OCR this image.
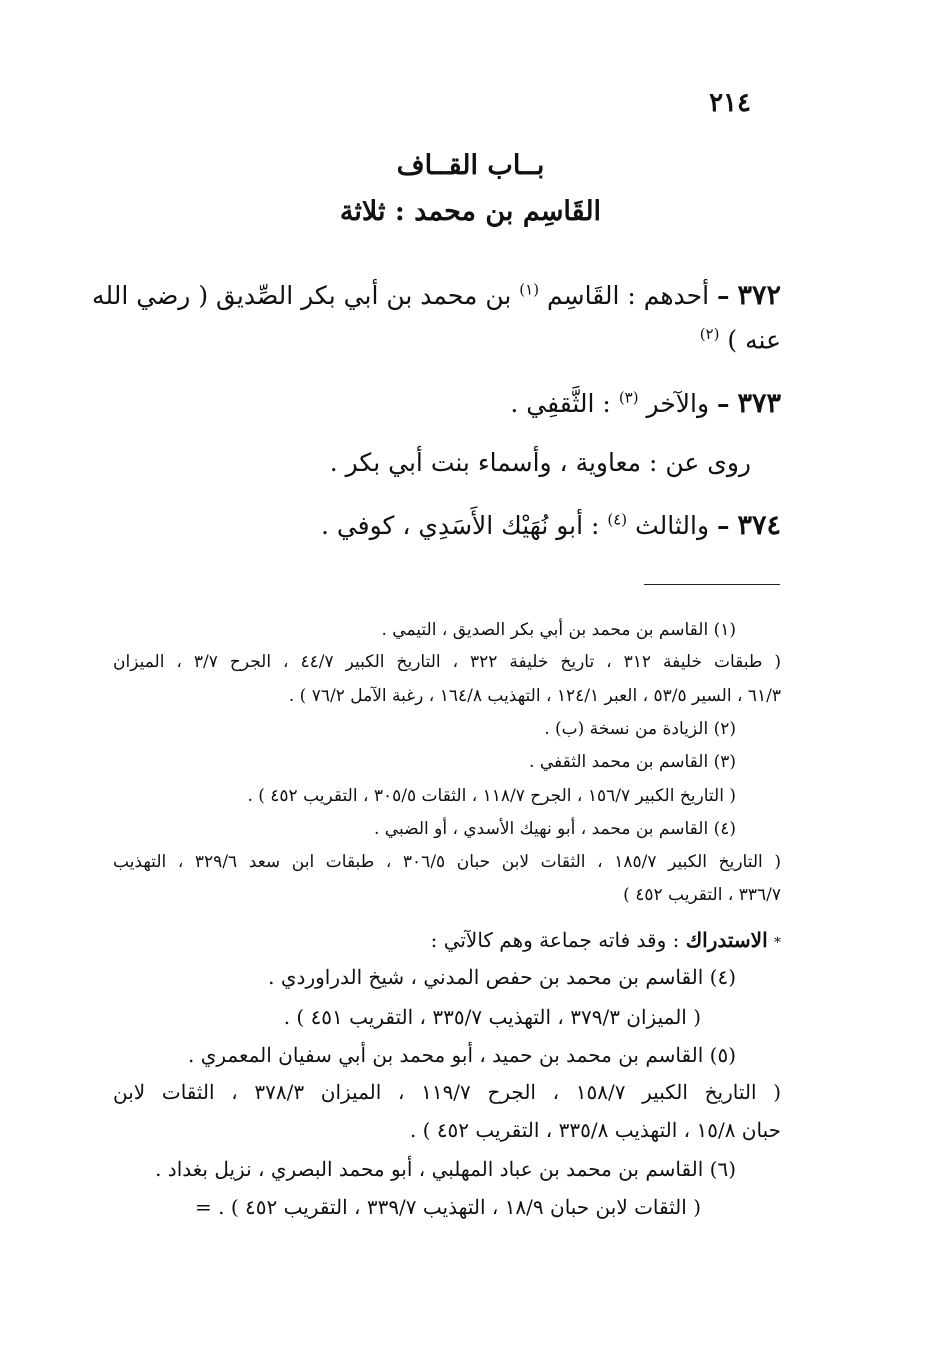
٢١٤
بــاب القــاف
القَاسِم بن محمد : ثلاثة
٣٧٢ – أحدهم : القَاسِم $^{(١)}$ بن محمد بن أبي بكر الصِّديق ( رضي الله
عنه ) $^{(٢)}$
٣٧٣ – والآخر $^{(٣)}$ : الثَّقفِي .
روى عن : معاوية ، وأسماء بنت أبي بكر .
٣٧٤ – والثالث $^{(٤)}$ : أبو نُهَيْك الأَسَدِي ، كوفي .
(١) القاسم بن محمد بن أبي بكر الصديق ، التيمي .
( طبقات خليفة ٣١٢ ، تاريخ خليفة ٣٢٢ ، التاريخ الكبير ٤٤/٧ ، الجرح ٣/٧ ، الميزان
٦١/٣ ، السير ٥٣/٥ ، العبر ١٢٤/١ ، التهذيب ١٦٤/٨ ، رغبة الآمل ٧٦/٢ ) .
(٢) الزيادة من نسخة (ب) .
(٣) القاسم بن محمد الثقفي .
( التاريخ الكبير ١٥٦/٧ ، الجرح ١١٨/٧ ، الثقات ٣٠٥/٥ ، التقريب ٤٥٢ ) .
(٤) القاسم بن محمد ، أبو نهيك الأسدي ، أو الضبي .
( التاريخ الكبير ١٨٥/٧ ، الثقات لابن حبان ٣٠٦/٥ ، طبقات ابن سعد ٣٢٩/٦ ، التهذيب
٣٣٦/٧ ، التقريب ٤٥٢ )
* الاستدراك : وقد فاته جماعة وهم كالآتي :
(٤) القاسم بن محمد بن حفص المدني ، شيخ الدراوردي .
( الميزان ٣٧٩/٣ ، التهذيب ٣٣٥/٧ ، التقريب ٤٥١ ) .
(٥) القاسم بن محمد بن حميد ، أبو محمد بن أبي سفيان المعمري .
( التاريخ الكبير ١٥٨/٧ ، الجرح ١١٩/٧ ، الميزان ٣٧٨/٣ ، الثقات لابن
حبان ١٥/٨ ، التهذيب ٣٣٥/٨ ، التقريب ٤٥٢ ) .
(٦) القاسم بن محمد بن عباد المهلبي ، أبو محمد البصري ، نزيل بغداد .
( الثقات لابن حبان ١٨/٩ ، التهذيب ٣٣٩/٧ ، التقريب ٤٥٢ ) . =
